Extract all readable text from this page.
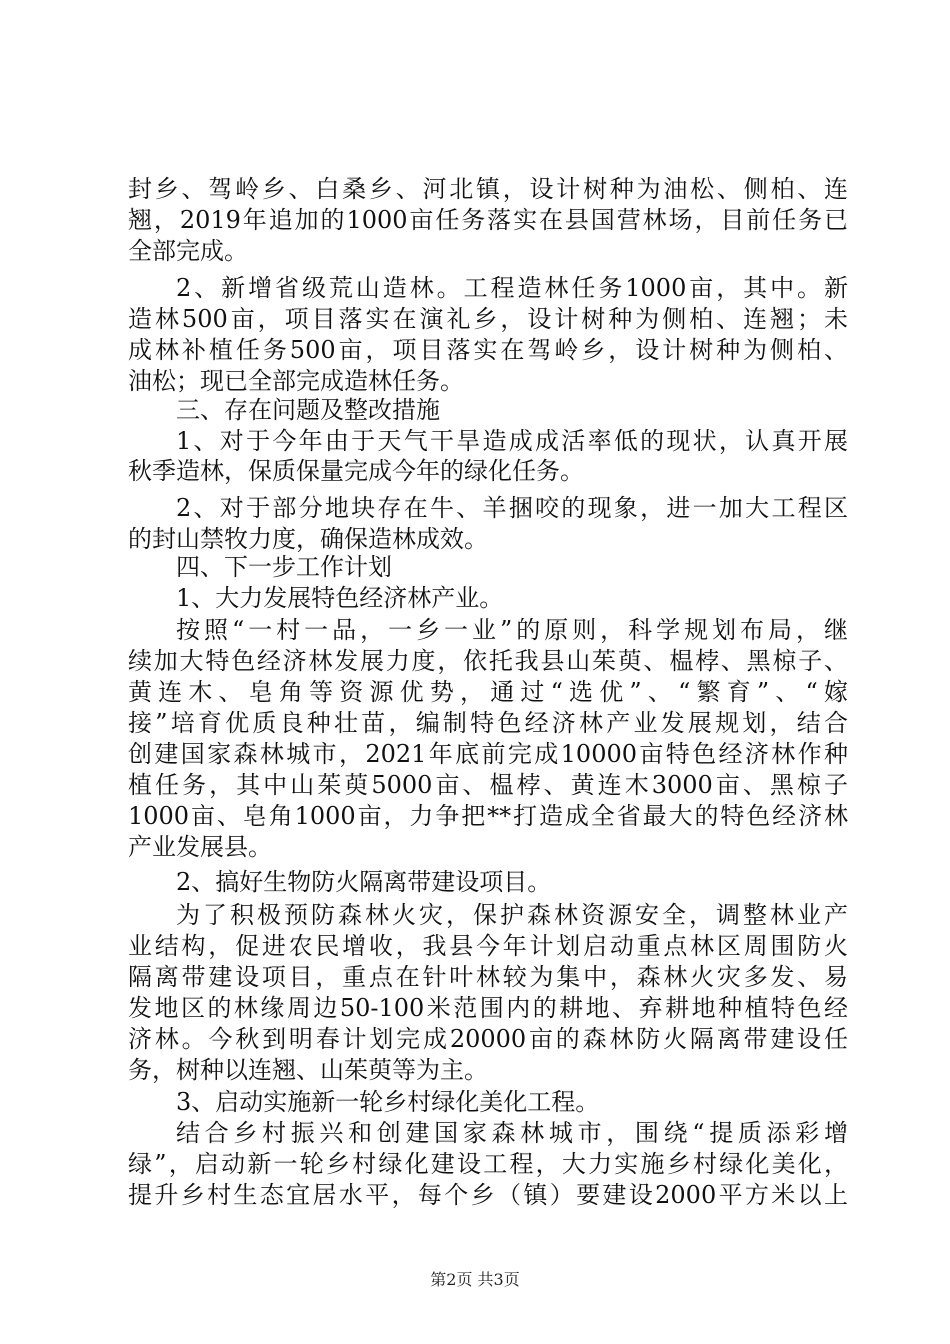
封乡、驾岭乡、白桑乡、河北镇，设计树种为油松、侧柏、连
翘，2019年追加的1000亩任务落实在县国营林场，目前任务已
全部完成。
2、新增省级荒山造林。工程造林任务1000亩，其中。新
造林500亩，项目落实在演礼乡，设计树种为侧柏、连翘；未
成林补植任务500亩，项目落实在驾岭乡，设计树种为侧柏、
油松；现已全部完成造林任务。
三、存在问题及整改措施
1、对于今年由于天气干旱造成成活率低的现状，认真开展
秋季造林，保质保量完成今年的绿化任务。
2、对于部分地块存在牛、羊捆咬的现象，进一加大工程区
的封山禁牧力度，确保造林成效。
四、下一步工作计划
1、大力发展特色经济林产业。
按照“一村一品，一乡一业”的原则，科学规划布局，继
续加大特色经济林发展力度，依托我县山茱萸、榅桲、黑椋子、
黄连木、皂角等资源优势，通过“选优”、“繁育”、“嫁
接”培育优质良种壮苗，编制特色经济林产业发展规划，结合
创建国家森林城市，2021年底前完成10000亩特色经济林作种
植任务，其中山茱萸5000亩、榅桲、黄连木3000亩、黑椋子
1000亩、皂角1000亩，力争把**打造成全省最大的特色经济林
产业发展县。
2、搞好生物防火隔离带建设项目。
为了积极预防森林火灾，保护森林资源安全，调整林业产
业结构，促进农民增收，我县今年计划启动重点林区周围防火
隔离带建设项目，重点在针叶林较为集中，森林火灾多发、易
发地区的林缘周边50-100米范围内的耕地、弃耕地种植特色经
济林。今秋到明春计划完成20000亩的森林防火隔离带建设任
务，树种以连翘、山茱萸等为主。
3、启动实施新一轮乡村绿化美化工程。
结合乡村振兴和创建国家森林城市，围绕“提质添彩增
绿”，启动新一轮乡村绿化建设工程，大力实施乡村绿化美化，
提升乡村生态宜居水平，每个乡（镇）要建设2000平方米以上
第2页 共3页
